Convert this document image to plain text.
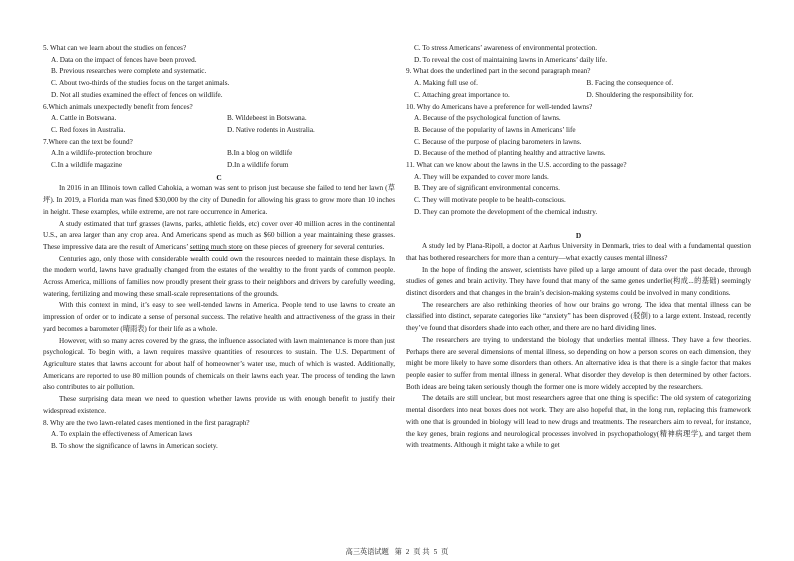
5. What can we learn about the studies on fences?
A. Data on the impact of fences have been proved.
B. Previous researches were complete and systematic.
C. About two-thirds of the studies focus on the target animals.
D. Not all studies examined the effect of fences on wildlife.
6.Which animals unexpectedly benefit from fences?
A. Cattle in Botswana.	B. Wildebeest in Botswana.
C. Red foxes in Australia.	D. Native rodents in Australia.
7.Where can the text be found?
A.In a wildlife-protection brochure	B.In a blog on wildlife
C.In a wildlife magazine	D.In a wildlife forum
C

In 2016 in an Illinois town called Cahokia, a woman was sent to prison just because she failed to tend her lawn (草坪). In 2019, a Florida man was fined $30,000 by the city of Dunedin for allowing his grass to grow more than 10 inches in height. These examples, while extreme, are not rare occurrence in America.

A study estimated that turf grasses (lawns, parks, athletic fields, etc) cover over 40 million acres in the continental U.S., an area larger than any crop area. And Americans spend as much as $60 billion a year maintaining these grasses. These impressive data are the result of Americans’ setting much store on these pieces of greenery for several centuries.

Centuries ago, only those with considerable wealth could own the resources needed to maintain these displays. In the modern world, lawns have gradually changed from the estates of the wealthy to the front yards of common people. Across America, millions of families now proudly present their grass to their neighbors and drivers by carefully weeding, watering, fertilizing and mowing these small-scale representations of the grounds.

With this context in mind, it’s easy to see well-tended lawns in America. People tend to use lawns to create an impression of order or to indicate a sense of personal success. The relative health and attractiveness of the grass in their yard becomes a barometer (晴雨表) for their life as a whole.

However, with so many acres covered by the grass, the influence associated with lawn maintenance is more than just psychological. To begin with, a lawn requires massive quantities of resources to sustain. The U.S. Department of Agriculture states that lawns account for about half of homeowner’s water use, much of which is wasted. Additionally, Americans are reported to use 80 million pounds of chemicals on their lawns each year. The process of tending the lawn also contributes to air pollution.

These surprising data mean we need to question whether lawns provide us with enough benefit to justify their widespread existence.

8. Why are the two lawn-related cases mentioned in the first paragraph?
A. To explain the effectiveness of American laws
B. To show the significance of lawns in American society.
C. To stress Americans’ awareness of environmental protection.
D. To reveal the cost of maintaining lawns in Americans’ daily life.
9. What does the underlined part in the second paragraph mean?
A. Making full use of.	B. Facing the consequence of.
C. Attaching great importance to.	D. Shouldering the responsibility for.
10. Why do Americans have a preference for well-tended lawns?
A. Because of the psychological function of lawns.
B. Because of the popularity of lawns in Americans’ life
C. Because of the purpose of placing barometers in lawns.
D. Because of the method of planting healthy and attractive lawns.
11. What can we know about the lawns in the U.S. according to the passage?
A. They will be expanded to cover more lands.
B. They are of significant environmental concerns.
C. They will motivate people to be health-conscious.
D. They can promote the development of the chemical industry.
D

A study led by Plana-Ripoll, a doctor at Aarhus University in Denmark, tries to deal with a fundamental question that has bothered researchers for more than a century—what exactly causes mental illness?

In the hope of finding the answer, scientists have piled up a large amount of data over the past decade, through studies of genes and brain activity. They have found that many of the same genes underlie(构成...的基础) seemingly distinct disorders and that changes in the brain’s decision-making systems could be involved in many conditions.

The researchers are also rethinking theories of how our brains go wrong. The idea that mental illness can be classified into distinct, separate categories like “anxiety” has been disproved (驳倒) to a large extent. Instead, recently they’ve found that disorders shade into each other, and there are no hard dividing lines.

The researchers are trying to understand the biology that underlies mental illness. They have a few theories. Perhaps there are several dimensions of mental illness, so depending on how a person scores on each dimension, they might be more likely to have some disorders than others. An alternative idea is that there is a single factor that makes people easier to suffer from mental illness in general. What disorder they develop is then determined by other factors. Both ideas are being taken seriously though the former one is more widely accepted by the researchers.

The details are still unclear, but most researchers agree that one thing is specific: The old system of categorizing mental disorders into neat boxes does not work. They are also hopeful that, in the long run, replacing this framework with one that is grounded in biology will lead to new drugs and treatments. The researchers aim to reveal, for instance, the key genes, brain regions and neurological processes involved in psychopathology(精神病理学), and target them with treatments. Although it might take a while to get

高三英语试题 第 2 页 共 5 页
